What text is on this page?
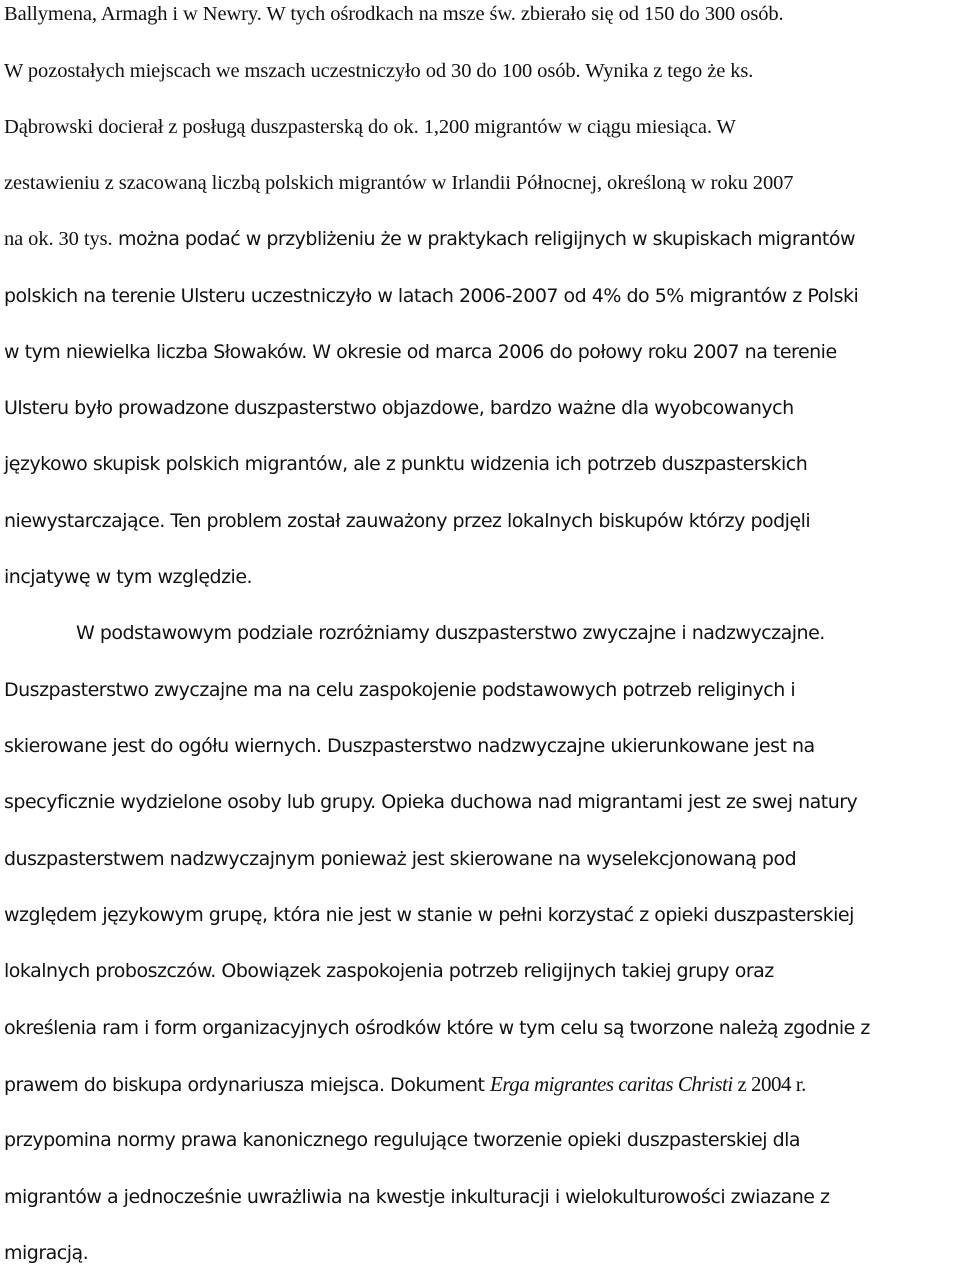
Ballymena, Armagh i w Newry. W tych ośrodkach na msze św. zbierało się od 150 do 300 osób.
W pozostałych miejscach we mszach uczestniczyło od 30 do 100 osób. Wynika z tego że ks.
Dąbrowski docierał z posługą duszpasterską do ok. 1,200 migrantów w ciągu miesiąca. W
zestawieniu z szacowaną liczbą polskich migrantów w Irlandii Północnej, określoną w roku 2007
na ok. 30 tys. można podać w przybliżeniu że w praktykach religijnych w skupiskach migrantów
polskich na terenie Ulsteru uczestniczyło w latach 2006-2007 od 4% do 5% migrantów z Polski
w tym niewielka liczba Słowaków. W okresie od marca 2006 do połowy roku 2007 na terenie
Ulsteru było prowadzone duszpasterstwo objazdowe, bardzo ważne dla wyobcowanych
językowo skupisk polskich migrantów, ale z punktu widzenia ich potrzeb duszpasterskich
niewystarczające. Ten problem został zauważony przez lokalnych biskupów którzy podjęli
incjatywę w tym względzie.
W podstawowym podziale rozróżniamy duszpasterstwo zwyczajne i nadzwyczajne.
Duszpasterstwo zwyczajne ma na celu zaspokojenie podstawowych potrzeb religinych i
skierowane jest do ogółu wiernych. Duszpasterstwo nadzwyczajne ukierunkowane jest na
specyficznie wydzielone osoby lub grupy. Opieka duchowa nad migrantami jest ze swej natury
duszpasterstwem nadzwyczajnym ponieważ jest skierowane na wyselekcjonowaną pod
względem językowym grupę, która nie jest w stanie w pełni korzystać z opieki duszpasterskiej
lokalnych proboszczów. Obowiązek zaspokojenia potrzeb religijnych takiej grupy oraz
określenia ram i form organizacyjnych ośrodków które w tym celu są tworzone należą zgodnie z
prawem do biskupa ordynariusza miejsca. Dokument Erga migrantes caritas Christi z 2004 r.
przypomina normy prawa kanonicznego regulujące tworzenie opieki duszpasterskiej dla
migrantów a jednocześnie uwrażliwia na kwestje inkulturacji i wielokulturowości zwiazane z
migracją.
